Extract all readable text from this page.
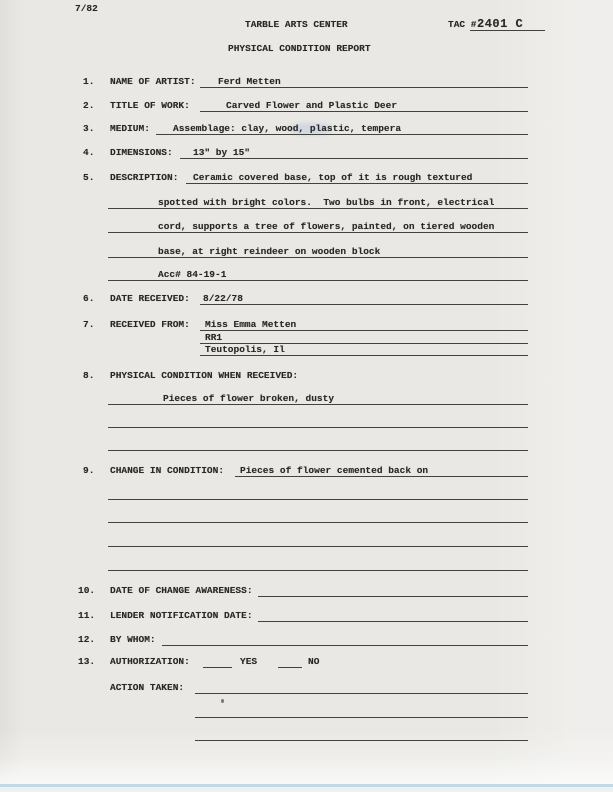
7/82
TARBLE ARTS CENTER	TAC # 2401 C
PHYSICAL CONDITION REPORT
1. NAME OF ARTIST:	Ferd Metten
2. TITLE OF WORK:	Carved Flower and Plastic Deer
3. MEDIUM:	Assemblage: clay, wood, plastic, tempera
4. DIMENSIONS:	13" by 15"
5. DESCRIPTION:	Ceramic covered base, top of it is rough textured
spotted with bright colors.  Two bulbs in front, electrical
cord, supports a tree of flowers, painted, on tiered wooden
base, at right reindeer on wooden block
Acc# 84-19-1
6. DATE RECEIVED:	8/22/78
7. RECEIVED FROM:	Miss Emma Metten
RR1
Teutopolis, Il
8. PHYSICAL CONDITION WHEN RECEIVED:
Pieces of flower broken, dusty
9. CHANGE IN CONDITION:	Pieces of flower cemented back on
10. DATE OF CHANGE AWARENESS:
11. LENDER NOTIFICATION DATE:
12. BY WHOM:
13. AUTHORIZATION:	YES	NO
ACTION TAKEN:
